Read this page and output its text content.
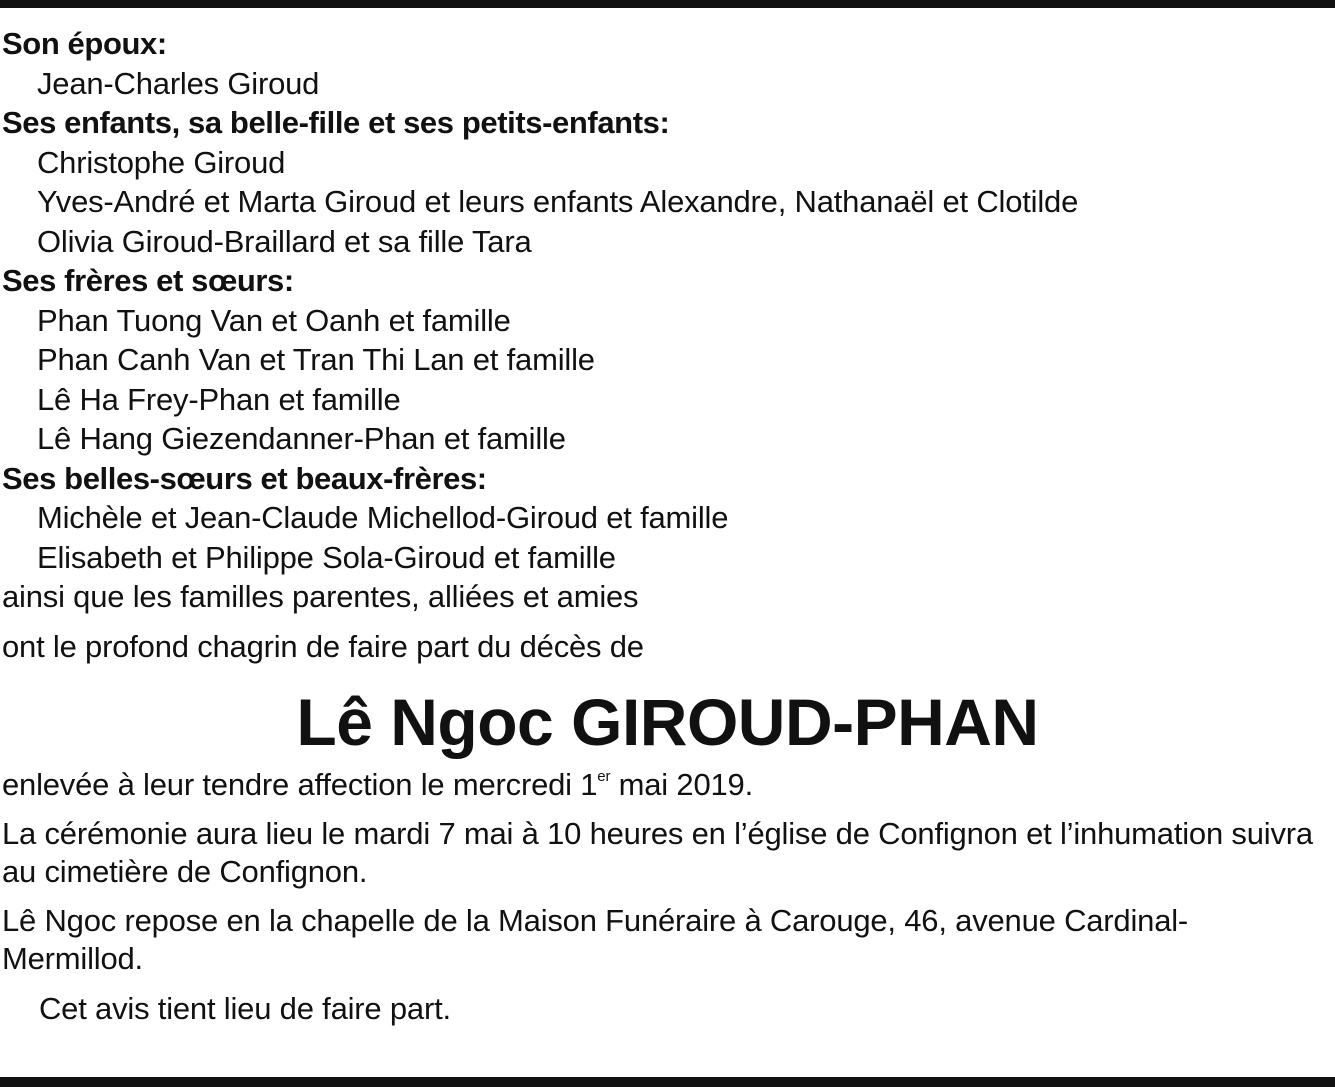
Son époux:
Jean-Charles Giroud
Ses enfants, sa belle-fille et ses petits-enfants:
Christophe Giroud
Yves-André et Marta Giroud et leurs enfants Alexandre, Nathanaël et Clotilde
Olivia Giroud-Braillard et sa fille Tara
Ses frères et sœurs:
Phan Tuong Van et Oanh et famille
Phan Canh Van et Tran Thi Lan et famille
Lê Ha Frey-Phan et famille
Lê Hang Giezendanner-Phan et famille
Ses belles-sœurs et beaux-frères:
Michèle et Jean-Claude Michellod-Giroud et famille
Elisabeth et Philippe Sola-Giroud et famille
ainsi que les familles parentes, alliées et amies
ont le profond chagrin de faire part du décès de
Lê Ngoc GIROUD-PHAN
enlevée à leur tendre affection le mercredi 1er mai 2019.
La cérémonie aura lieu le mardi 7 mai à 10 heures en l’église de Confignon et l’inhumation suivra au cimetière de Confignon.
Lê Ngoc repose en la chapelle de la Maison Funéraire à Carouge, 46, avenue Cardinal-
Mermillod.
Cet avis tient lieu de faire part.
